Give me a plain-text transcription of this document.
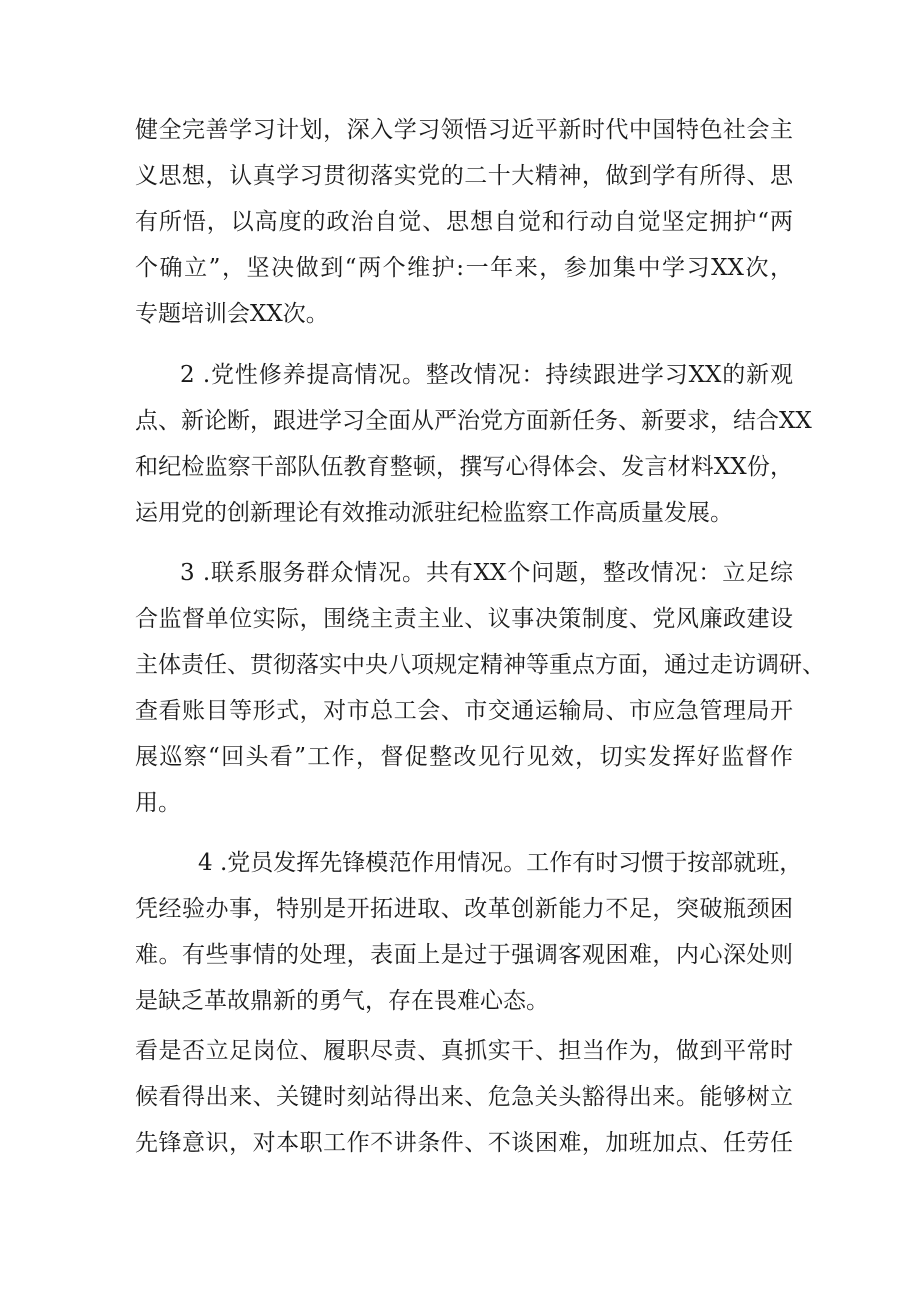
健全完善学习计划，深入学习领悟习近平新时代中国特色社会主
义思想，认真学习贯彻落实党的二十大精神，做到学有所得、思
有所悟，以高度的政治自觉、思想自觉和行动自觉坚定拥护“两
个确立”，坚决做到“两个维护:一年来，参加集中学习XX次，
专题培训会XX次。
2 .党性修养提高情况。整改情况：持续跟进学习XX的新观
点、新论断，跟进学习全面从严治党方面新任务、新要求，结合XX
和纪检监察干部队伍教育整顿，撰写心得体会、发言材料XX份，
运用党的创新理论有效推动派驻纪检监察工作高质量发展。
3 .联系服务群众情况。共有XX个问题，整改情况：立足综
合监督单位实际，围绕主责主业、议事决策制度、党风廉政建设
主体责任、贯彻落实中央八项规定精神等重点方面，通过走访调研、
查看账目等形式，对市总工会、市交通运输局、市应急管理局开
展巡察“回头看”工作，督促整改见行见效，切实发挥好监督作
用。
4 .党员发挥先锋模范作用情况。工作有时习惯于按部就班，
凭经验办事，特别是开拓进取、改革创新能力不足，突破瓶颈困
难。有些事情的处理，表面上是过于强调客观困难，内心深处则
是缺乏革故鼎新的勇气，存在畏难心态。
看是否立足岗位、履职尽责、真抓实干、担当作为，做到平常时
候看得出来、关键时刻站得出来、危急关头豁得出来。能够树立
先锋意识，对本职工作不讲条件、不谈困难，加班加点、任劳任
